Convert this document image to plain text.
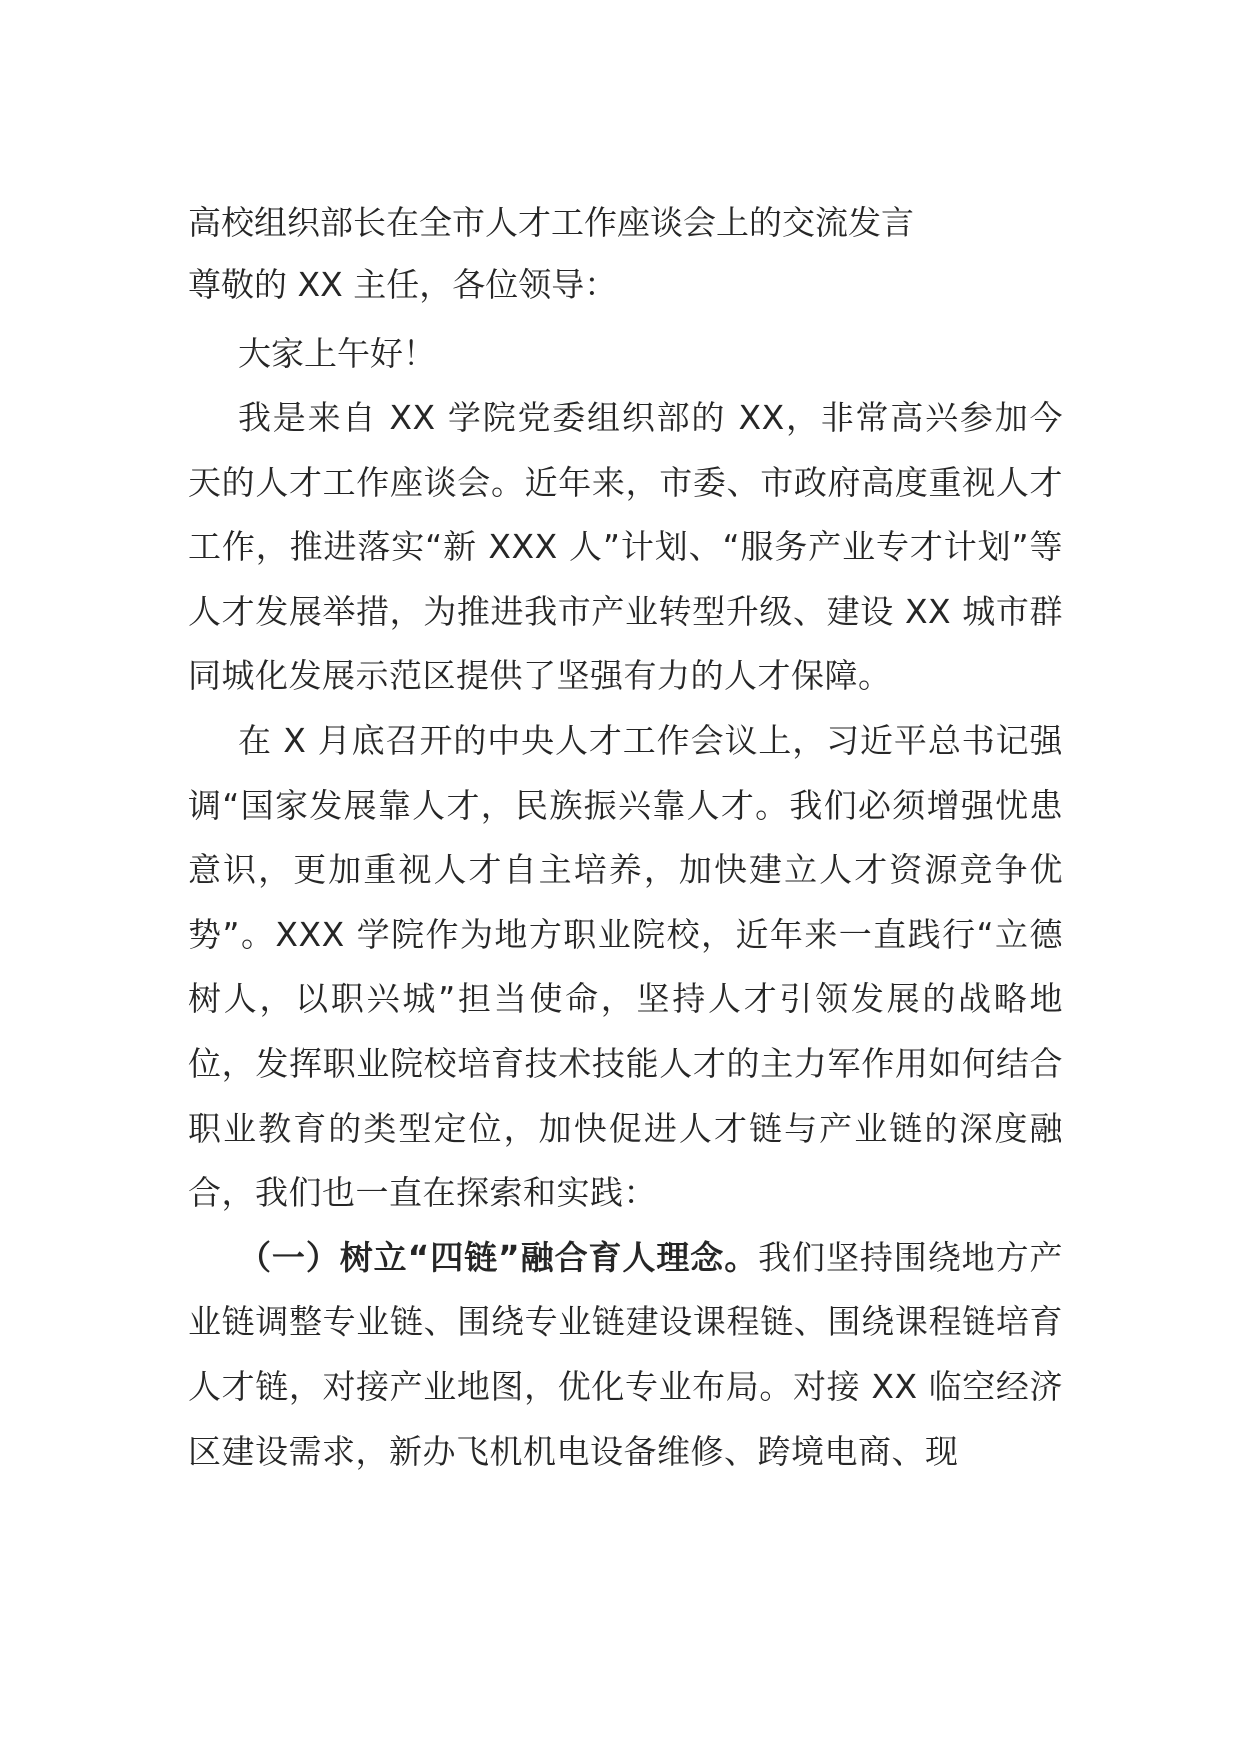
高校组织部长在全市人才工作座谈会上的交流发言
尊敬的 XX 主任，各位领导：
大家上午好！

我是来自 XX 学院党委组织部的 XX，非常高兴参加今天的人才工作座谈会。近年来，市委、市政府高度重视人才工作，推进落实“新 XXX 人”计划、“服务产业专才计划”等人才发展举措，为推进我市产业转型升级、建设 XX 城市群同城化发展示范区提供了坚强有力的人才保障。

在 X 月底召开的中央人才工作会议上，习近平总书记强调“国家发展靠人才，民族振兴靠人才。我们必须增强忧患意识，更加重视人才自主培养，加快建立人才资源竞争优势”。XXX 学院作为地方职业院校，近年来一直践行“立德树人，以职兴城”担当使命，坚持人才引领发展的战略地位，发挥职业院校培育技术技能人才的主力军作用如何结合职业教育的类型定位，加快促进人才链与产业链的深度融合，我们也一直在探索和实践：

（一）树立“四链”融合育人理念。我们坚持围绕地方产业链调整专业链、围绕专业链建设课程链、围绕课程链培育人才链，对接产业地图，优化专业布局。对接 XX 临空经济区建设需求，新办飞机机电设备维修、跨境电商、现
